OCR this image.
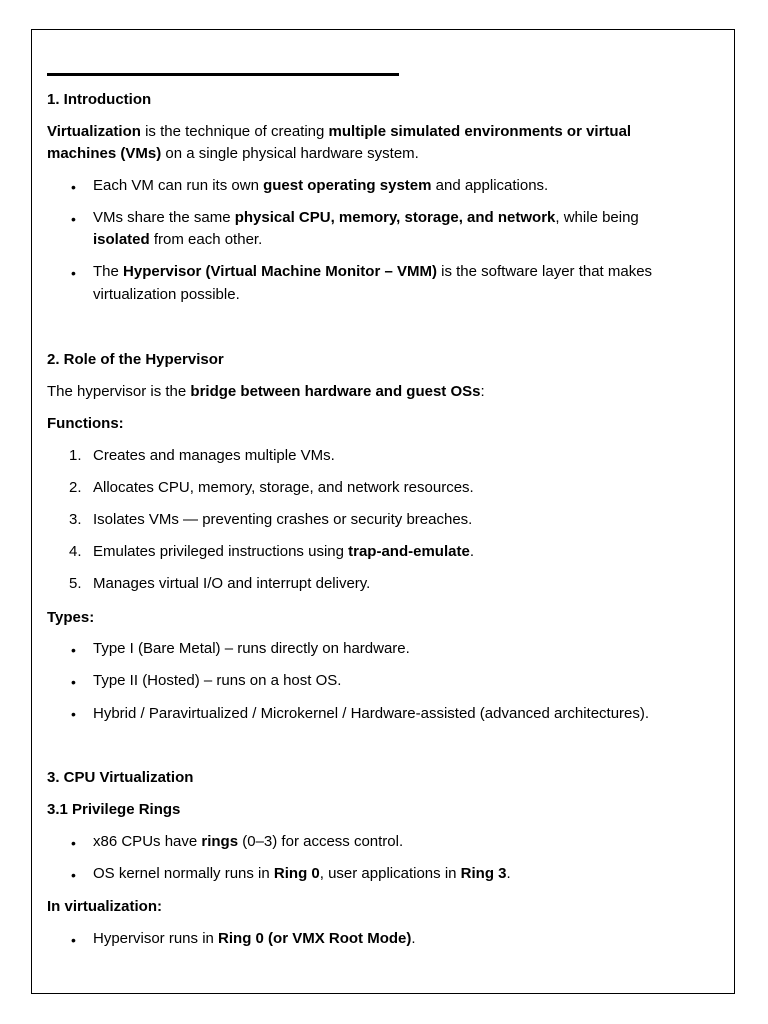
1. Introduction
Virtualization is the technique of creating multiple simulated environments or virtual
machines (VMs) on a single physical hardware system.
• Each VM can run its own guest operating system and applications.
• VMs share the same physical CPU, memory, storage, and network, while being
isolated from each other.
• The Hypervisor (Virtual Machine Monitor – VMM) is the software layer that makes
virtualization possible.
2. Role of the Hypervisor
The hypervisor is the bridge between hardware and guest OSs:
Functions:
1. Creates and manages multiple VMs.
2. Allocates CPU, memory, storage, and network resources.
3. Isolates VMs — preventing crashes or security breaches.
4. Emulates privileged instructions using trap-and-emulate.
5. Manages virtual I/O and interrupt delivery.
Types:
• Type I (Bare Metal) – runs directly on hardware.
• Type II (Hosted) – runs on a host OS.
• Hybrid / Paravirtualized / Microkernel / Hardware-assisted (advanced architectures).
3. CPU Virtualization
3.1 Privilege Rings
• x86 CPUs have rings (0–3) for access control.
• OS kernel normally runs in Ring 0, user applications in Ring 3.
In virtualization:
• Hypervisor runs in Ring 0 (or VMX Root Mode).
